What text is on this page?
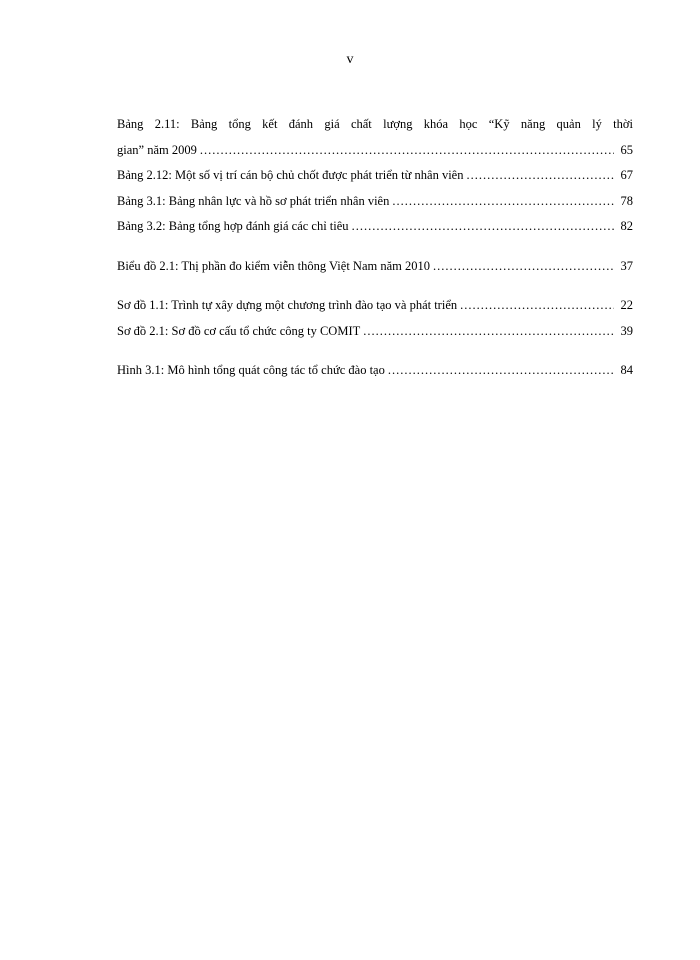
v
Bảng 2.11: Bảng tổng kết đánh giá chất lượng khóa học “Kỹ năng quản lý thời
gian” năm 2009 .....	65
Bảng 2.12: Một số vị trí cán bộ chủ chốt được phát triển từ nhân viên .....	67
Bảng 3.1: Bảng nhân lực và hồ sơ phát triển nhân viên .....	78
Bảng 3.2: Bảng tổng hợp đánh giá các chỉ tiêu .....	82
Biểu đồ 2.1: Thị phần đo kiểm viễn thông Việt Nam năm 2010 .....	37
Sơ đồ 1.1: Trình tự xây dựng một chương trình đào tạo và phát triển .....	22
Sơ đồ 2.1: Sơ đồ cơ cấu tổ chức công ty COMIT .....	39
Hình 3.1: Mô hình tổng quát công tác tổ chức đào tạo .....	84
